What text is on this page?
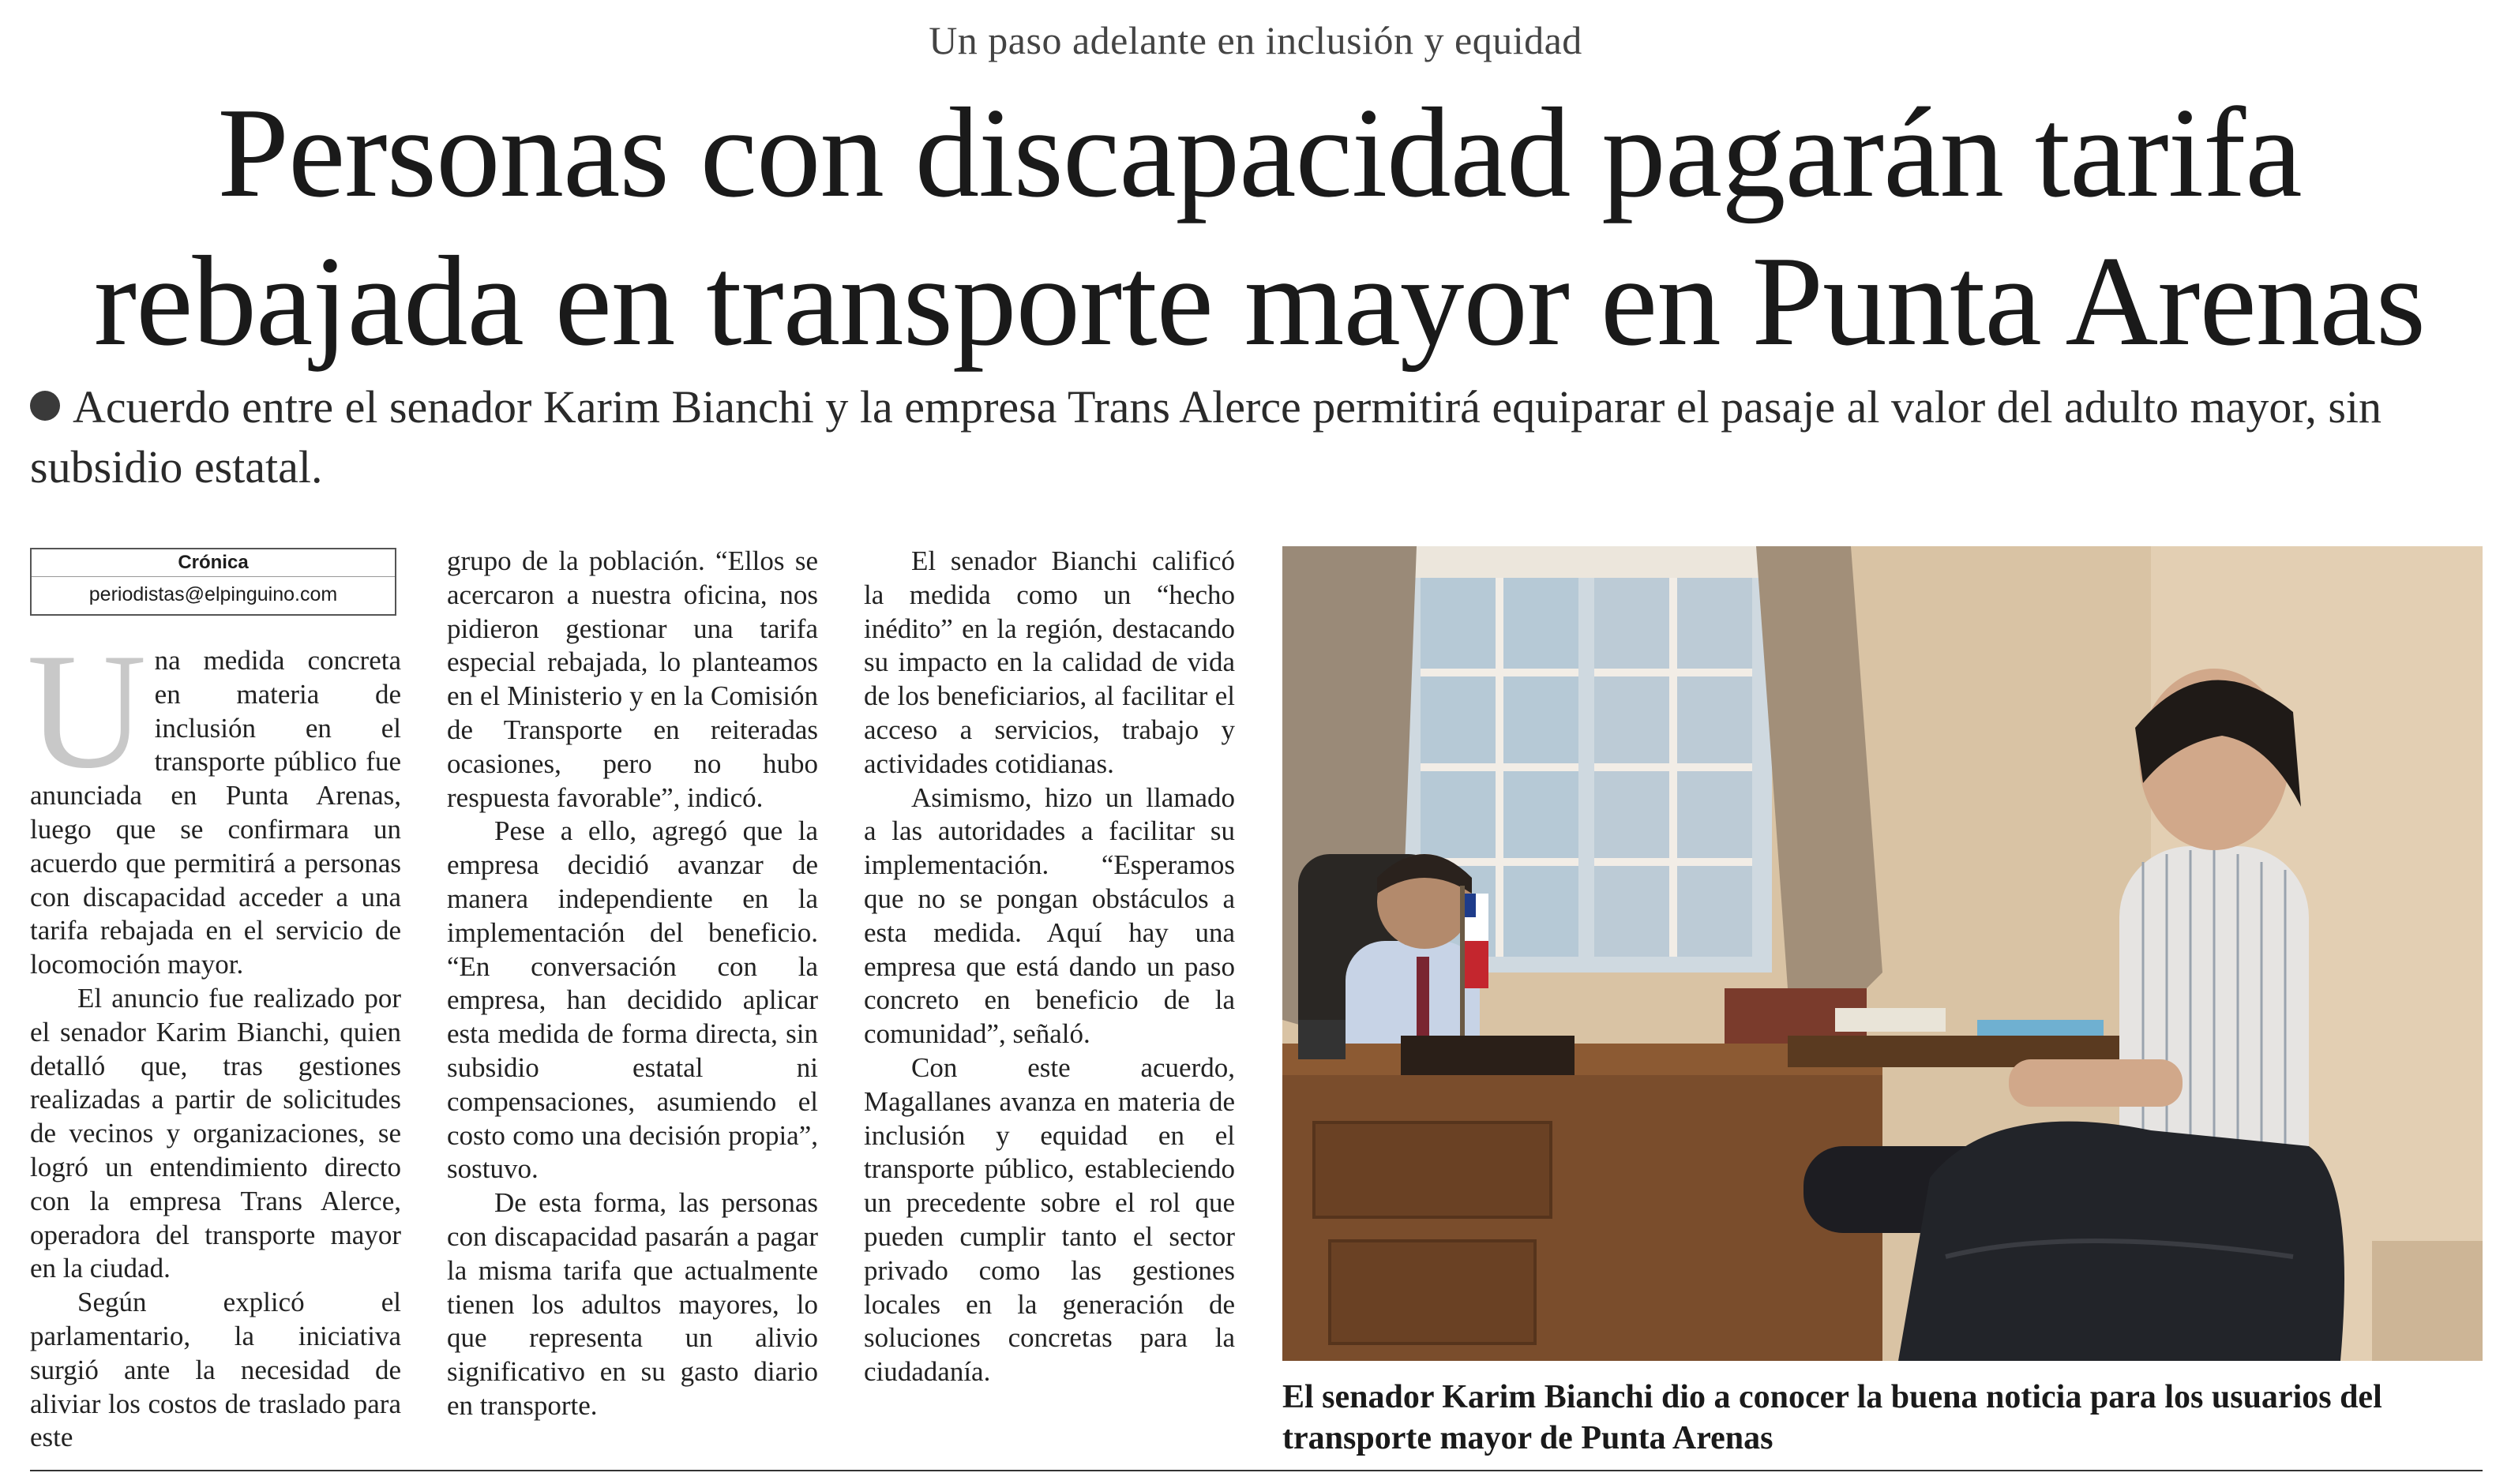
Un paso adelante en inclusión y equidad
Personas con discapacidad pagarán tarifa rebajada en transporte mayor en Punta Arenas

Acuerdo entre el senador Karim Bianchi y la empresa Trans Alerce permitirá equiparar el pasaje al valor del adulto mayor, sin subsidio estatal.

Crónica
periodistas@elpinguino.com

Una medida concreta en materia de inclusión en el transporte público fue anunciada en Punta Arenas, luego que se confirmara un acuerdo que permitirá a personas con discapacidad acceder a una tarifa rebajada en el servicio de locomoción mayor.

El anuncio fue realizado por el senador Karim Bianchi, quien detalló que, tras gestiones realizadas a partir de solicitudes de vecinos y organizaciones, se logró un entendimiento directo con la empresa Trans Alerce, operadora del transporte mayor en la ciudad.

Según explicó el parlamentario, la iniciativa surgió ante la necesidad de aliviar los costos de traslado para este

grupo de la población. “Ellos se acercaron a nuestra oficina, nos pidieron gestionar una tarifa especial rebajada, lo planteamos en el Ministerio y en la Comisión de Transporte en reiteradas ocasiones, pero no hubo respuesta favorable”, indicó.

Pese a ello, agregó que la empresa decidió avanzar de manera independiente en la implementación del beneficio. “En conversación con la empresa, han decidido aplicar esta medida de forma directa, sin subsidio estatal ni compensaciones, asumiendo el costo como una decisión propia”, sostuvo.

De esta forma, las personas con discapacidad pasarán a pagar la misma tarifa que actualmente tienen los adultos mayores, lo que representa un alivio significativo en su gasto diario en transporte.

El senador Bianchi calificó la medida como un “hecho inédito” en la región, destacando su impacto en la calidad de vida de los beneficiarios, al facilitar el acceso a servicios, trabajo y actividades cotidianas.

Asimismo, hizo un llamado a las autoridades a facilitar su implementación. “Esperamos que no se pongan obstáculos a esta medida. Aquí hay una empresa que está dando un paso concreto en beneficio de la comunidad”, señaló.

Con este acuerdo, Magallanes avanza en materia de inclusión y equidad en el transporte público, estableciendo un precedente sobre el rol que pueden cumplir tanto el sector privado como las gestiones locales en la generación de soluciones concretas para la ciudadanía.

El senador Karim Bianchi dio a conocer la buena noticia para los usuarios del transporte mayor de Punta Arenas
